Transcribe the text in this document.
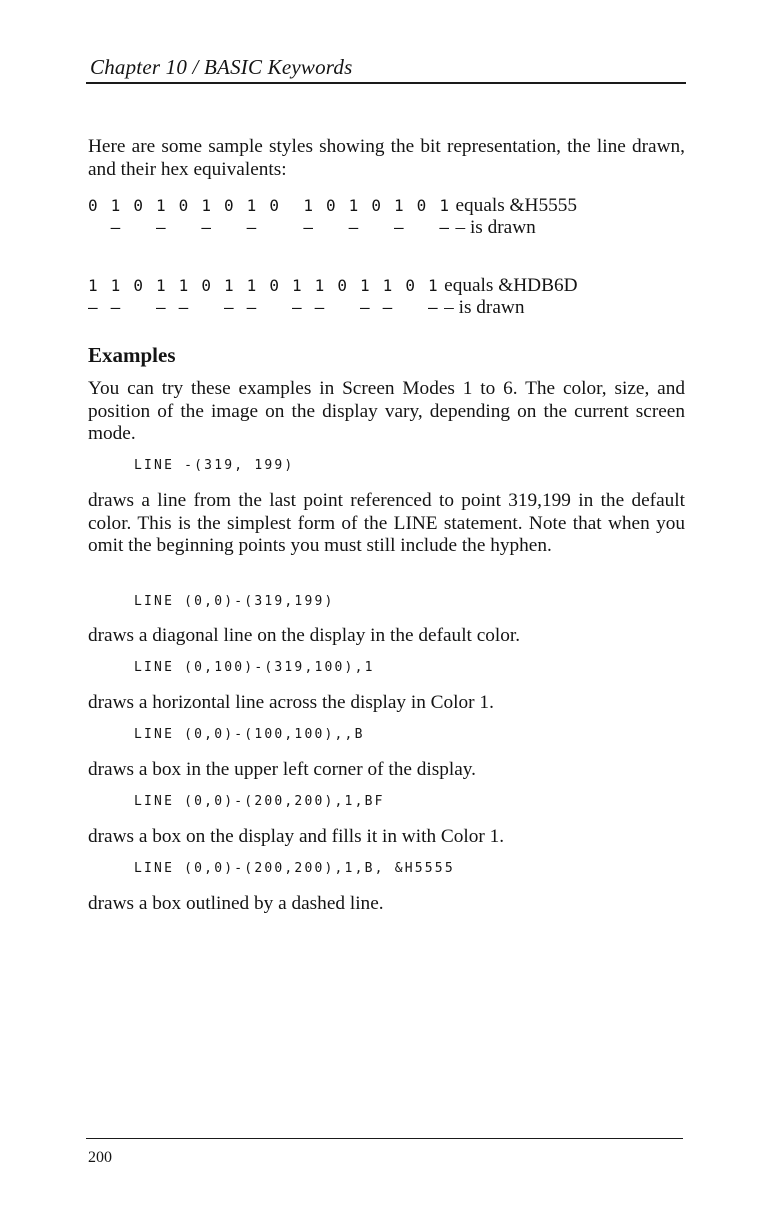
Chapter 10 / BASIC Keywords

Here are some sample styles showing the bit representation, the line drawn, and their hex equivalents:

0 1 0 1 0 1 0 1 0  1 0 1 0 1 0 1 equals &H5555
–   –   –   –    –   –   –   – – is drawn
1 1 0 1 1 0 1 1 0 1 1 0 1 1 0 1 equals &HDB6D
– –   – –   – –   – –   – –   – – is drawn
Examples

You can try these examples in Screen Modes 1 to 6. The color, size, and position of the image on the display vary, depending on the current screen mode.

LINE -(319, 199)

draws a line from the last point referenced to point 319,199 in the default color. This is the simplest form of the LINE statement. Note that when you omit the beginning points you must still include the hyphen.

LINE (0,0)-(319,199)

draws a diagonal line on the display in the default color.

LINE (0,100)-(319,100),1

draws a horizontal line across the display in Color 1.

LINE (0,0)-(100,100),,B

draws a box in the upper left corner of the display.

LINE (0,0)-(200,200),1,BF

draws a box on the display and fills it in with Color 1.

LINE (0,0)-(200,200),1,B, &H5555

draws a box outlined by a dashed line.

200
